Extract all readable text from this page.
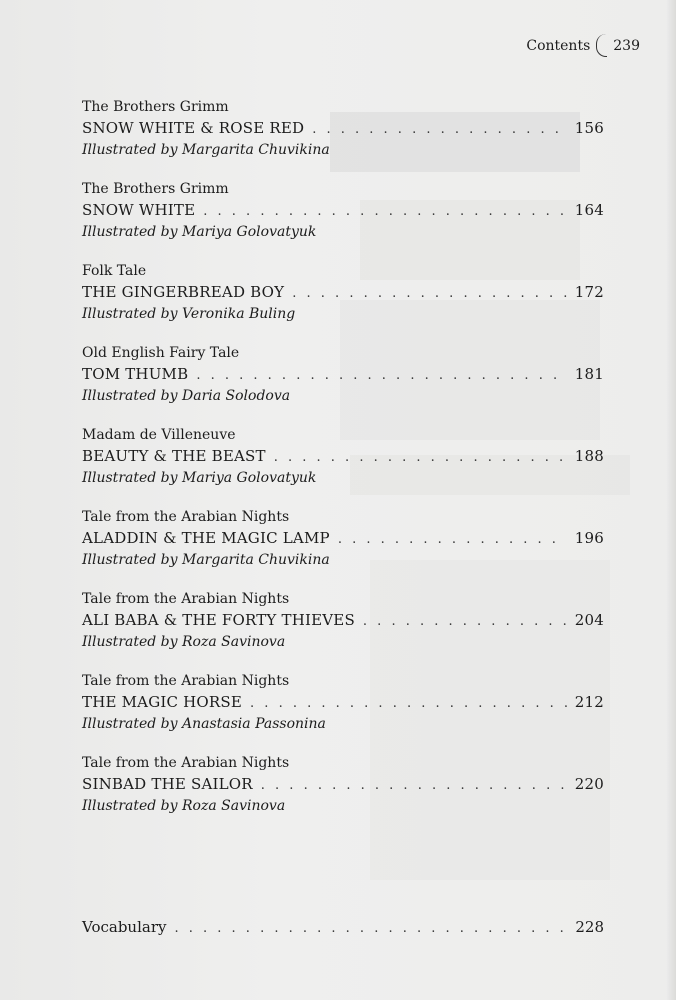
Contents 239
The Brothers Grimm
SNOW WHITE & ROSE RED . . .	156
Illustrated by Margarita Chuvikina
The Brothers Grimm
SNOW WHITE . . .	164
Illustrated by Mariya Golovatyuk
Folk Tale
THE GINGERBREAD BOY . . .	172
Illustrated by Veronika Buling
Old English Fairy Tale
TOM THUMB . . .	181
Illustrated by Daria Solodova
Madam de Villeneuve
BEAUTY & THE BEAST . . .	188
Illustrated by Mariya Golovatyuk
Tale from the Arabian Nights
ALADDIN & THE MAGIC LAMP . . .	196
Illustrated by Margarita Chuvikina
Tale from the Arabian Nights
ALI BABA & THE FORTY THIEVES . . .	204
Illustrated by Roza Savinova
Tale from the Arabian Nights
THE MAGIC HORSE . . .	212
Illustrated by Anastasia Passonina
Tale from the Arabian Nights
SINBAD THE SAILOR . . .	220
Illustrated by Roza Savinova
Vocabulary . . .	228
